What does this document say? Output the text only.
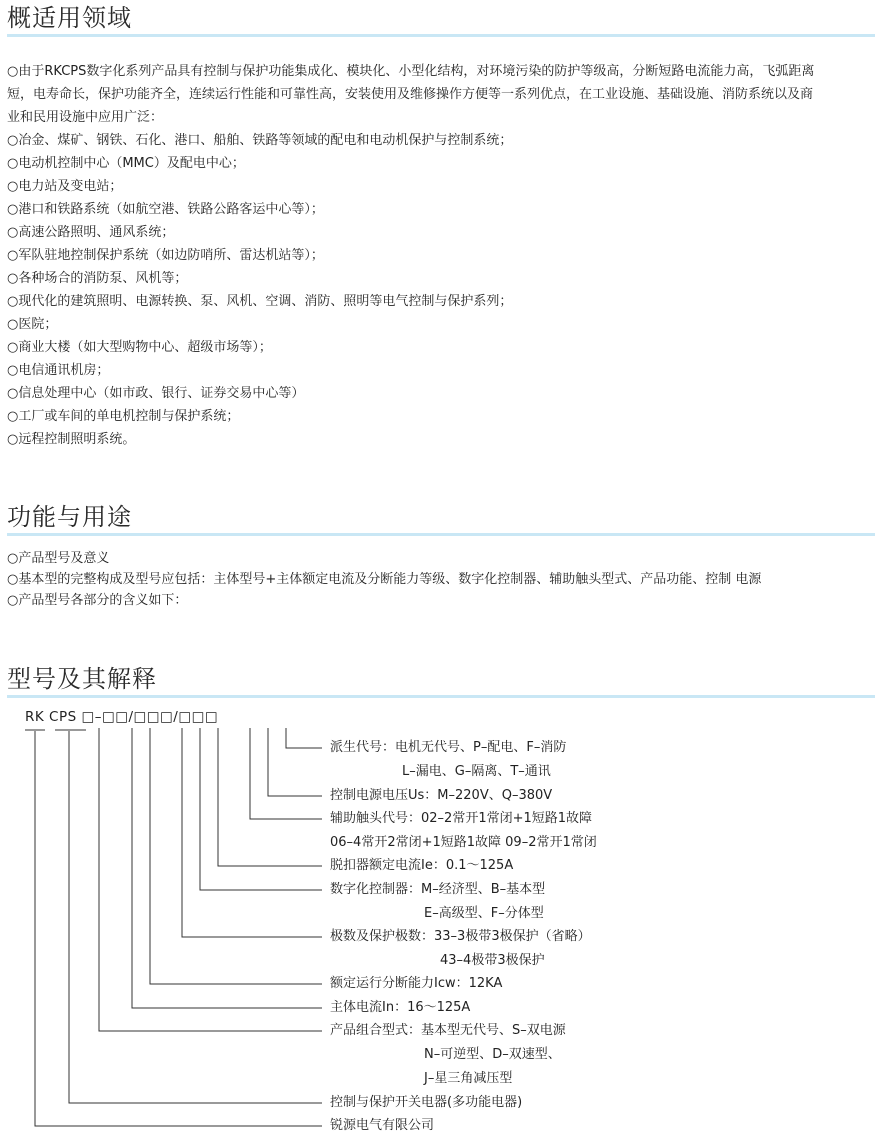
概适用领域
○由于RKCPS数字化系列产品具有控制与保护功能集成化、模块化、小型化结构，对环境污染的防护等级高，分断短路电流能力高，飞弧距离
短，电寿命长，保护功能齐全，连续运行性能和可靠性高，安装使用及维修操作方便等一系列优点，在工业设施、基础设施、消防系统以及商
业和民用设施中应用广泛：
○冶金、煤矿、钢铁、石化、港口、船舶、铁路等领域的配电和电动机保护与控制系统；
○电动机控制中心（MMC）及配电中心；
○电力站及变电站；
○港口和铁路系统（如航空港、铁路公路客运中心等）；
○高速公路照明、通风系统；
○军队驻地控制保护系统（如边防哨所、雷达机站等）；
○各种场合的消防泵、风机等；
○现代化的建筑照明、电源转换、泵、风机、空调、消防、照明等电气控制与保护系列；
○医院；
○商业大楼（如大型购物中心、超级市场等）；
○电信通讯机房；
○信息处理中心（如市政、银行、证券交易中心等）
○工厂或车间的单电机控制与保护系统；
○远程控制照明系统。
功能与用途
○产品型号及意义
○基本型的完整构成及型号应包括：主体型号+主体额定电流及分断能力等级、数字化控制器、辅助触头型式、产品功能、控制 电源
○产品型号各部分的含义如下：
型号及其解释
RK CPS □–□□/□□□/□□□
派生代号：电机无代号、P–配电、F–消防
L–漏电、G–隔离、T–通讯
控制电源电压Us：M–220V、Q–380V
辅助触头代号：02–2常开1常闭+1短路1故障
06–4常开2常闭+1短路1故障 09–2常开1常闭
脱扣器额定电流Ie：0.1～125A
数字化控制器：M–经济型、B–基本型
E–高级型、F–分体型
极数及保护极数：33–3极带3极保护（省略）
43–4极带3极保护
额定运行分断能力Icw：12KA
主体电流In：16～125A
产品组合型式：基本型无代号、S–双电源
N–可逆型、D–双速型、
J–星三角减压型
控制与保护开关电器(多功能电器)
锐源电气有限公司
